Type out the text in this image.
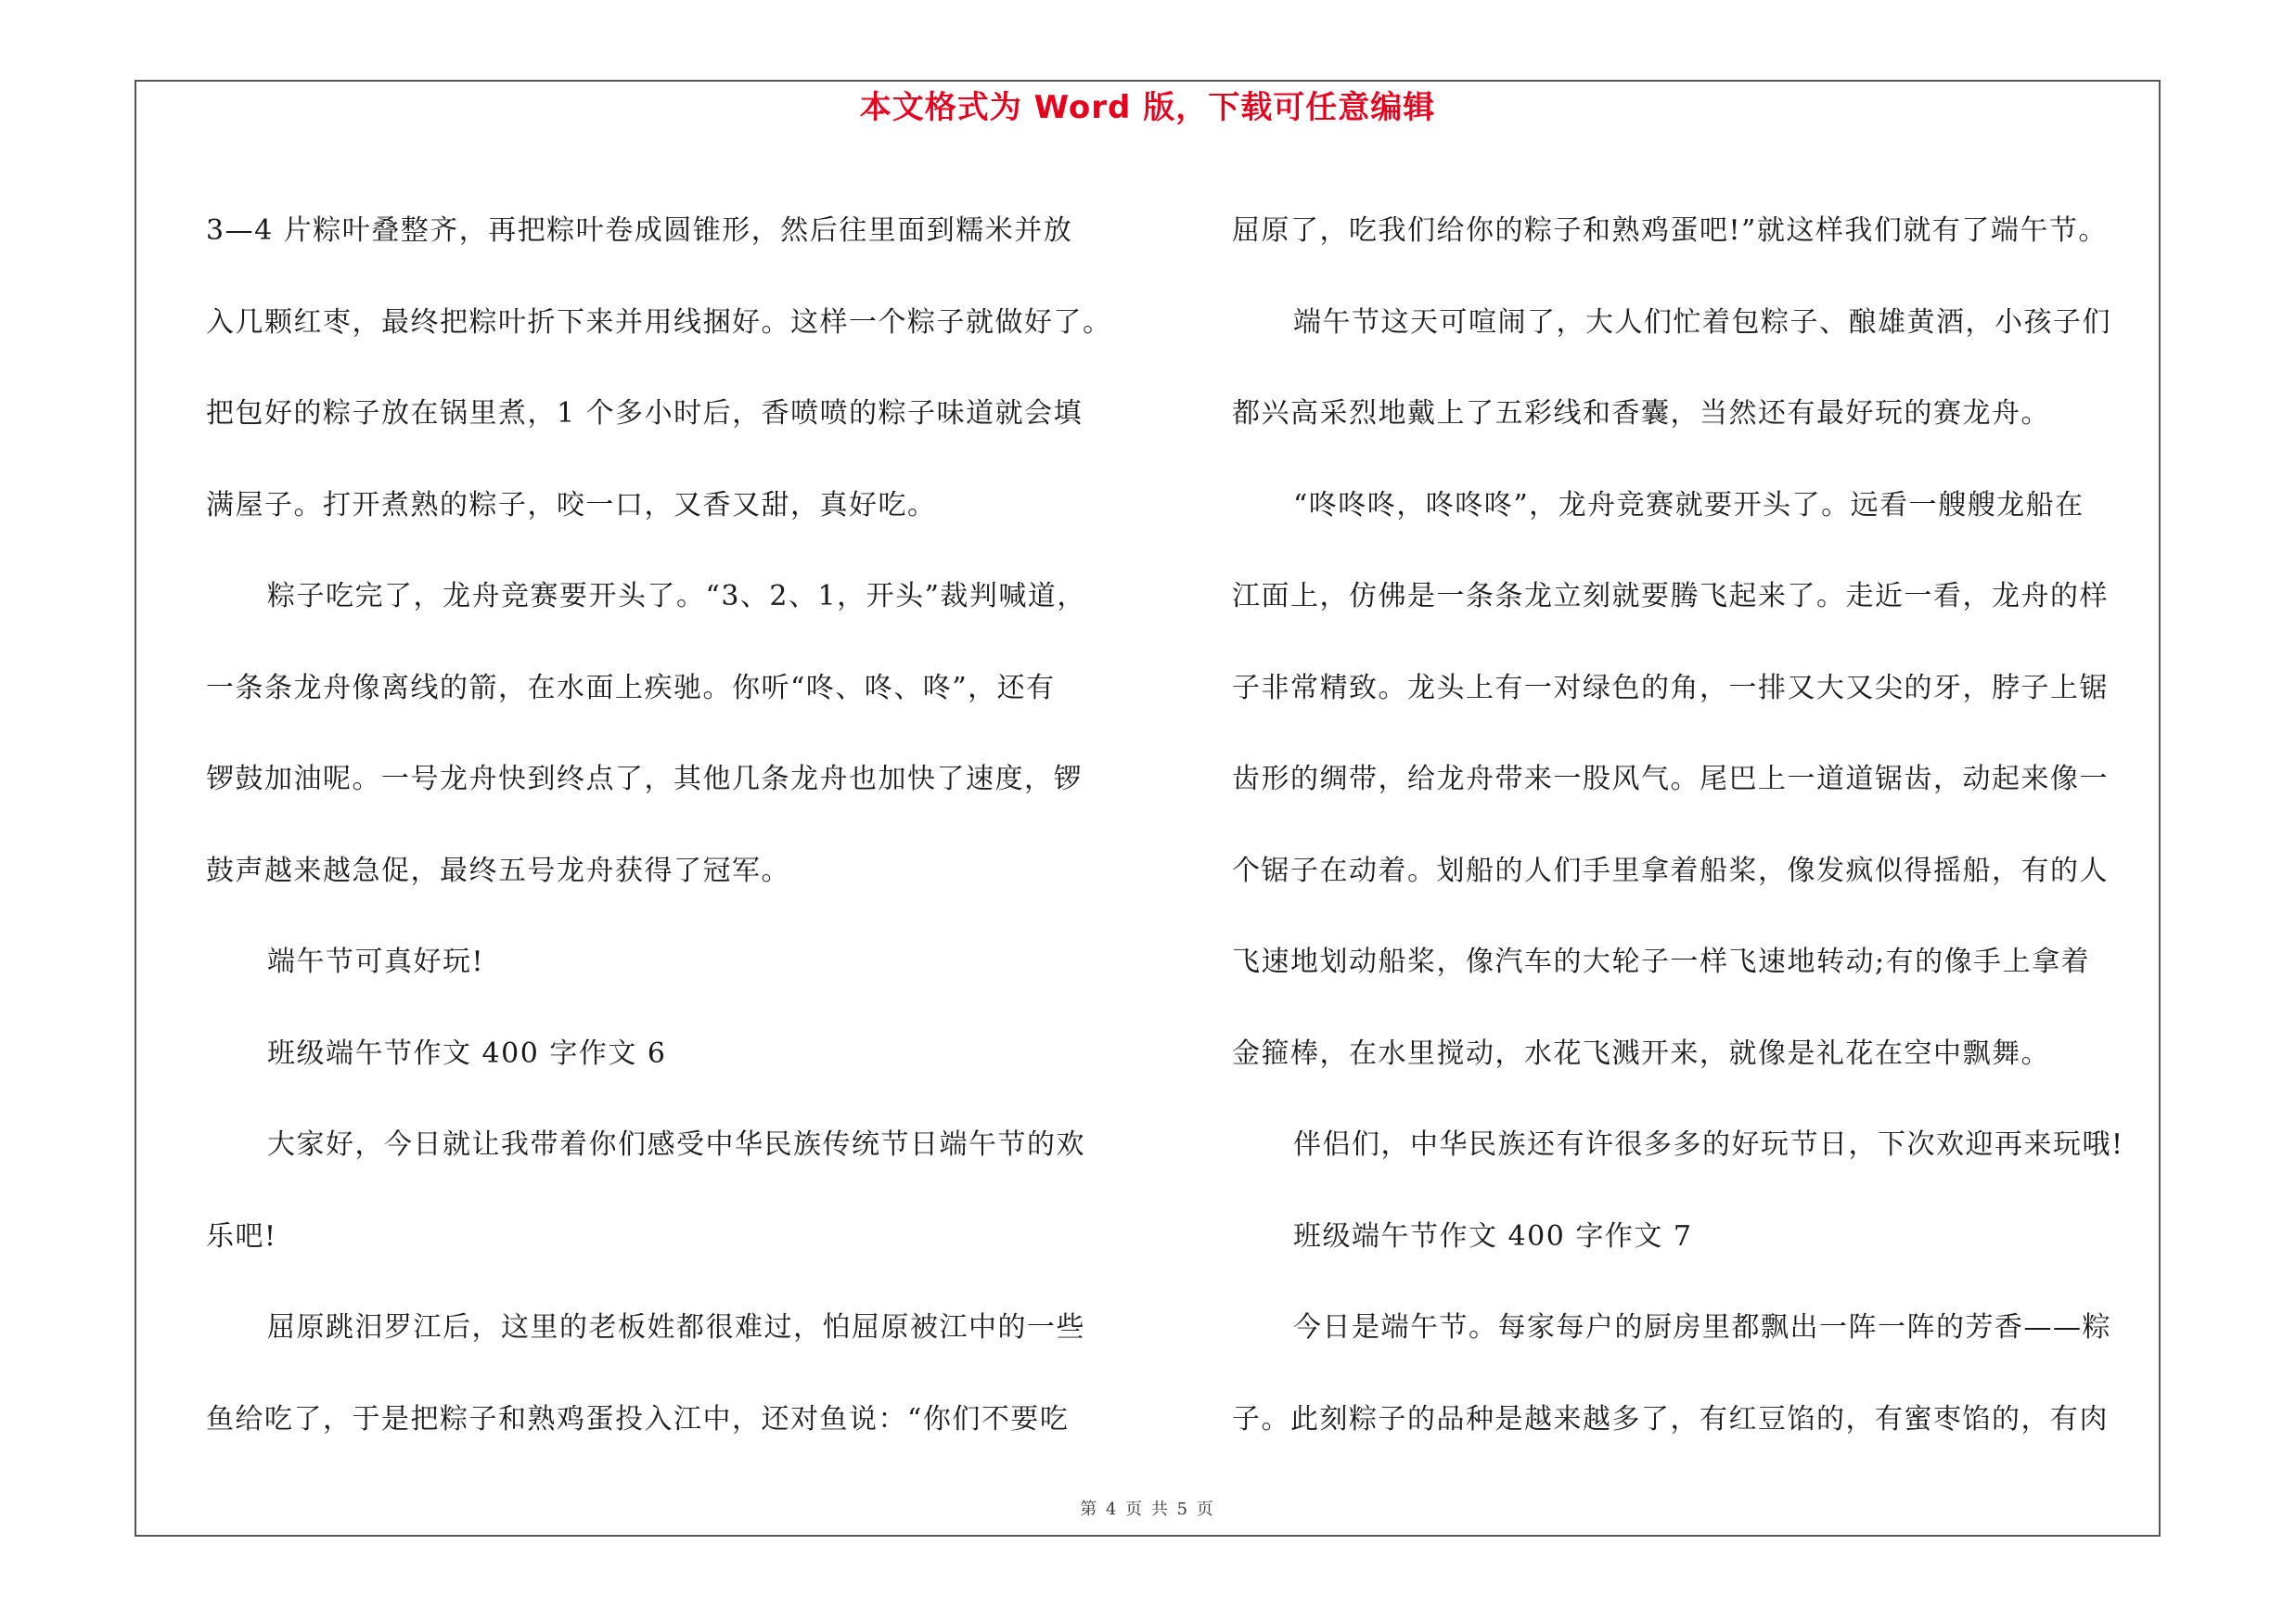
本文格式为 Word 版，下载可任意编辑

3—4 片粽叶叠整齐，再把粽叶卷成圆锥形，然后往里面到糯米并放

入几颗红枣，最终把粽叶折下来并用线捆好。这样一个粽子就做好了。

把包好的粽子放在锅里煮，1 个多小时后，香喷喷的粽子味道就会填

满屋子。打开煮熟的粽子，咬一口，又香又甜，真好吃。

粽子吃完了，龙舟竞赛要开头了。“3、2、1，开头”裁判喊道，

一条条龙舟像离线的箭，在水面上疾驰。你听“咚、咚、咚”，还有

锣鼓加油呢。一号龙舟快到终点了，其他几条龙舟也加快了速度，锣

鼓声越来越急促，最终五号龙舟获得了冠军。

端午节可真好玩!

班级端午节作文 400 字作文 6

大家好，今日就让我带着你们感受中华民族传统节日端午节的欢

乐吧!

屈原跳汨罗江后，这里的老板姓都很难过，怕屈原被江中的一些

鱼给吃了，于是把粽子和熟鸡蛋投入江中，还对鱼说：“你们不要吃

屈原了，吃我们给你的粽子和熟鸡蛋吧!”就这样我们就有了端午节。

端午节这天可喧闹了，大人们忙着包粽子、酿雄黄酒，小孩子们

都兴高采烈地戴上了五彩线和香囊，当然还有最好玩的赛龙舟。

“咚咚咚，咚咚咚”，龙舟竞赛就要开头了。远看一艘艘龙船在

江面上，仿佛是一条条龙立刻就要腾飞起来了。走近一看，龙舟的样

子非常精致。龙头上有一对绿色的角，一排又大又尖的牙，脖子上锯

齿形的绸带，给龙舟带来一股风气。尾巴上一道道锯齿，动起来像一

个锯子在动着。划船的人们手里拿着船桨，像发疯似得摇船，有的人

飞速地划动船桨，像汽车的大轮子一样飞速地转动;有的像手上拿着

金箍棒，在水里搅动，水花飞溅开来，就像是礼花在空中飘舞。

伴侣们，中华民族还有许很多多的好玩节日，下次欢迎再来玩哦!

班级端午节作文 400 字作文 7

今日是端午节。每家每户的厨房里都飘出一阵一阵的芳香——粽

子。此刻粽子的品种是越来越多了，有红豆馅的，有蜜枣馅的，有肉

第 4 页 共 5 页
